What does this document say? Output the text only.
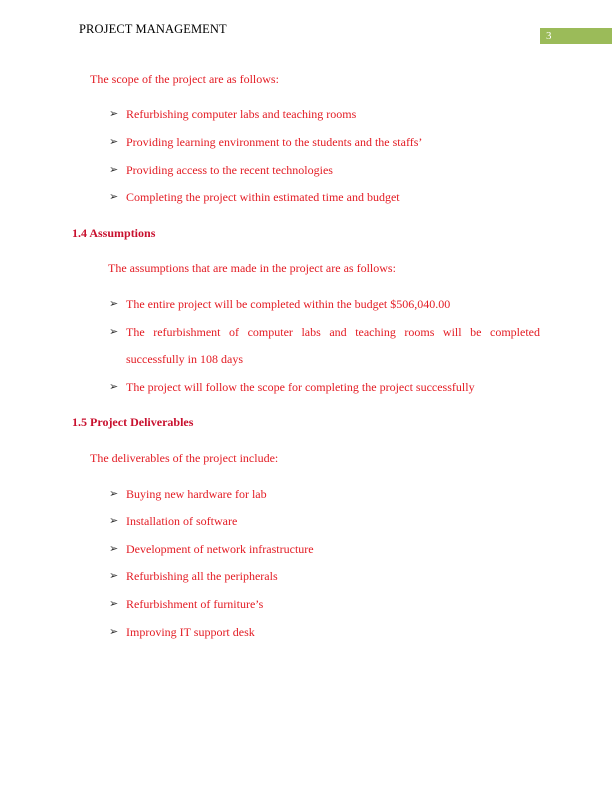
PROJECT MANAGEMENT	3
The scope of the project are as follows:
➢ Refurbishing computer labs and teaching rooms
➢ Providing learning environment to the students and the staffs’
➢ Providing access to the recent technologies
➢ Completing the project within estimated time and budget
1.4 Assumptions
The assumptions that are made in the project are as follows:
➢ The entire project will be completed within the budget $506,040.00
➢ The refurbishment of computer labs and teaching rooms will be completed
successfully in 108 days
➢ The project will follow the scope for completing the project successfully
1.5 Project Deliverables
The deliverables of the project include:
➢ Buying new hardware for lab
➢ Installation of software
➢ Development of network infrastructure
➢ Refurbishing all the peripherals
➢ Refurbishment of furniture’s
➢ Improving IT support desk
